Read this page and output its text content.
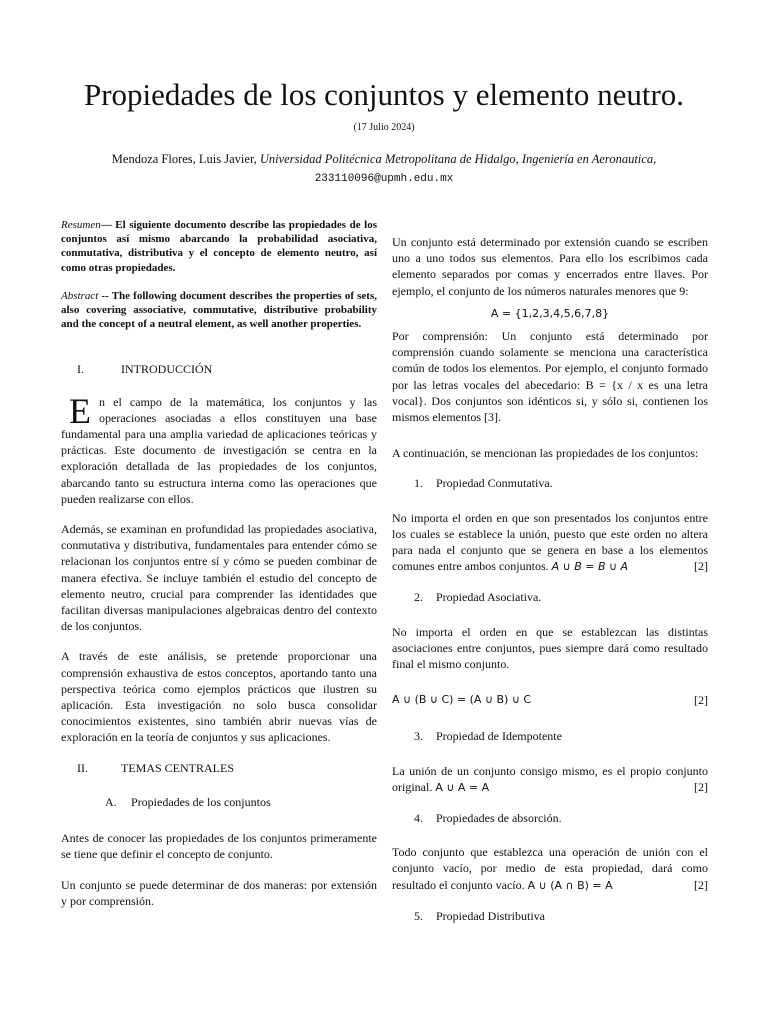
Propiedades de los conjuntos y elemento neutro.
(17 Julio 2024)
Mendoza Flores, Luis Javier, Universidad Politécnica Metropolitana de Hidalgo, Ingeniería en Aeronautica,
233110096@upmh.edu.mx

Resumen— El siguiente documento describe las propiedades de los conjuntos así mismo abarcando la probabilidad asociativa, conmutativa, distributiva y el concepto de elemento neutro, así como otras propiedades.

Abstract -- The following document describes the properties of sets, also covering associative, commutative, distributive probability and the concept of a neutral element, as well another properties.

I.	INTRODUCCIÓN

En el campo de la matemática, los conjuntos y las operaciones asociadas a ellos constituyen una base fundamental para una amplia variedad de aplicaciones teóricas y prácticas. Este documento de investigación se centra en la exploración detallada de las propiedades de los conjuntos, abarcando tanto su estructura interna como las operaciones que pueden realizarse con ellos.

Además, se examinan en profundidad las propiedades asociativa, conmutativa y distributiva, fundamentales para entender cómo se relacionan los conjuntos entre sí y cómo se pueden combinar de manera efectiva. Se incluye también el estudio del concepto de elemento neutro, crucial para comprender las identidades que facilitan diversas manipulaciones algebraicas dentro del contexto de los conjuntos.

A través de este análisis, se pretende proporcionar una comprensión exhaustiva de estos conceptos, aportando tanto una perspectiva teórica como ejemplos prácticos que ilustren su aplicación. Esta investigación no solo busca consolidar conocimientos existentes, sino también abrir nuevas vías de exploración en la teoría de conjuntos y sus aplicaciones.

II.	TEMAS CENTRALES
A.	Propiedades de los conjuntos

Antes de conocer las propiedades de los conjuntos primeramente se tiene que definir el concepto de conjunto.

Un conjunto se puede determinar de dos maneras: por extensión y por comprensión.

Un conjunto está determinado por extensión cuando se escriben uno a uno todos sus elementos. Para ello los escribimos cada elemento separados por comas y encerrados entre llaves. Por ejemplo, el conjunto de los números naturales menores que 9:

A = {1,2,3,4,5,6,7,8}

Por comprensión: Un conjunto está determinado por comprensión cuando solamente se menciona una característica común de todos los elementos. Por ejemplo, el conjunto formado por las letras vocales del abecedario: B = {x / x es una letra vocal}. Dos conjuntos son idénticos si, y sólo si, contienen los mismos elementos [3].

A continuación, se mencionan las propiedades de los conjuntos:

1.	Propiedad Conmutativa.

No importa el orden en que son presentados los conjuntos entre los cuales se establece la unión, puesto que este orden no altera para nada el conjunto que se genera en base a los elementos comunes entre ambos conjuntos. A ∪ B = B ∪ A	[2]

2.	Propiedad Asociativa.

No importa el orden en que se establezcan las distintas asociaciones entre conjuntos, pues siempre dará como resultado final el mismo conjunto.

A ∪ (B ∪ C) = (A ∪ B) ∪ C	[2]
3.	Propiedad de Idempotente

La unión de un conjunto consigo mismo, es el propio conjunto original. A ∪ A = A	[2]

4.	Propiedades de absorción.

Todo conjunto que establezca una operación de unión con el conjunto vacío, por medio de esta propiedad, dará como resultado el conjunto vacío. A ∪ (A ∩ B) = A	[2]

5.	Propiedad Distributiva
